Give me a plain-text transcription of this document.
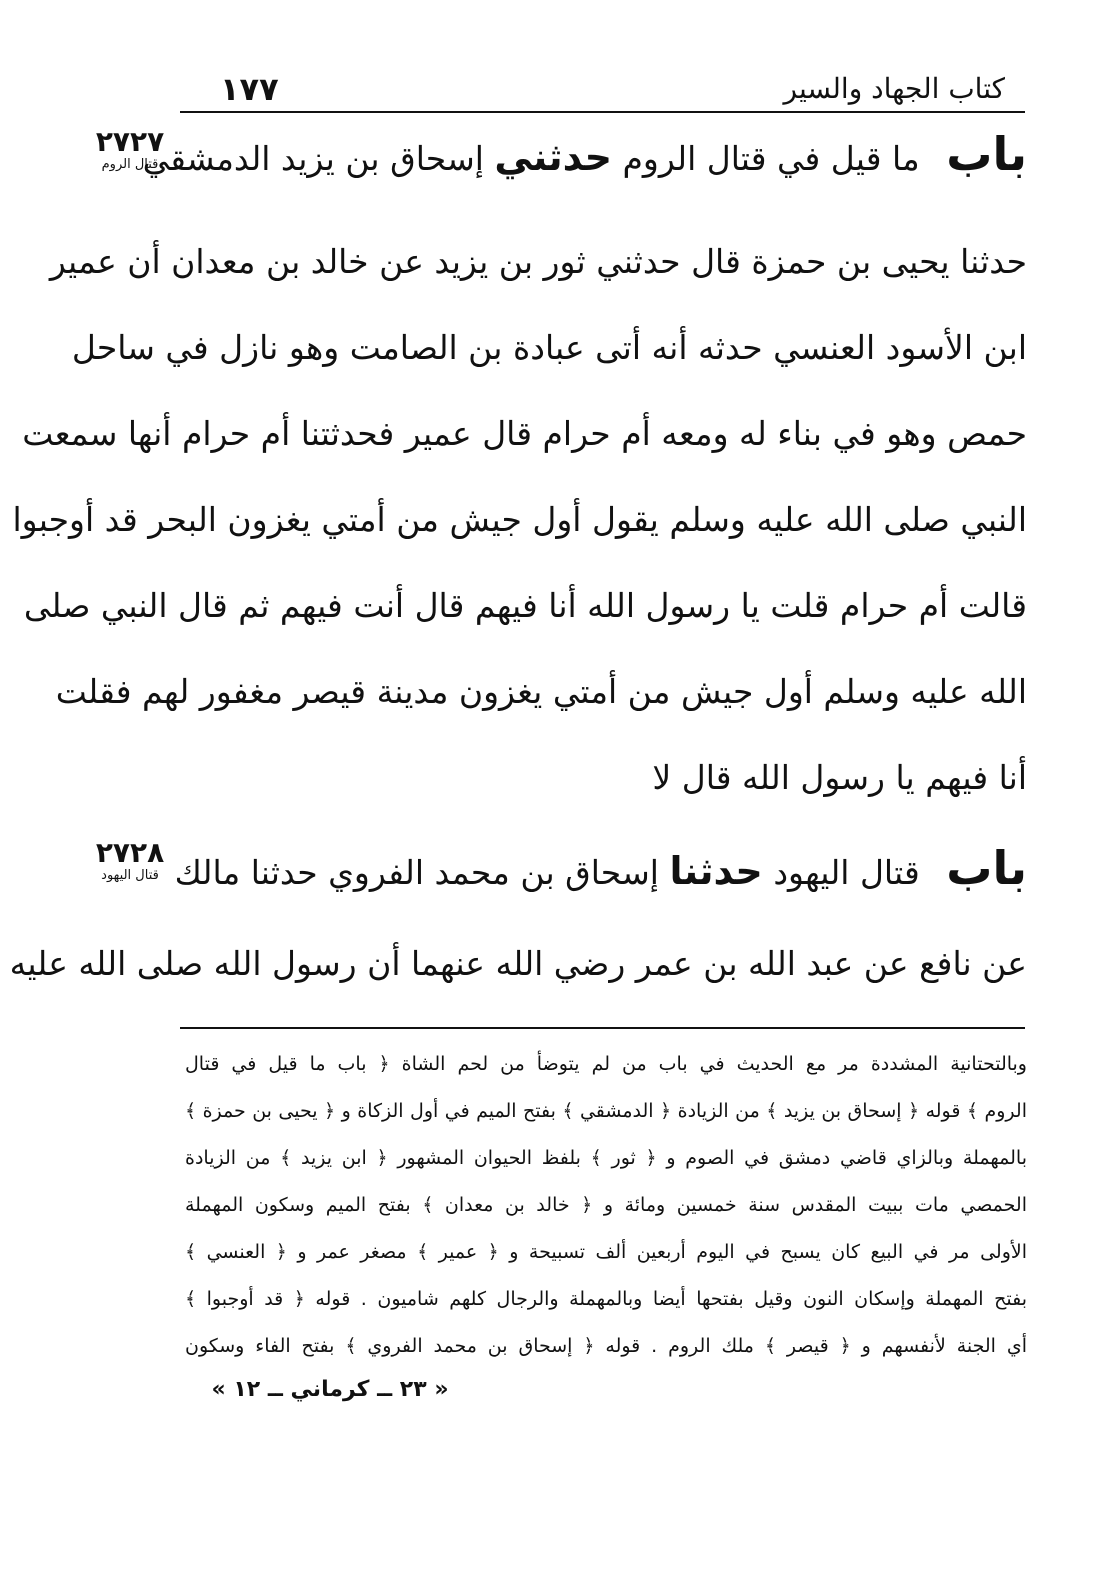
١٧٧	كتاب الجهاد والسير
٢٧٢٧
قتال الروم
٢٧٢٨
قتال اليهود
باب ما قيل في قتال الروم حدثني إسحاق بن يزيد الدمشقي
حدثنا يحيى بن حمزة قال حدثني ثور بن يزيد عن خالد بن معدان أن عمير
ابن الأسود العنسي حدثه أنه أتى عبادة بن الصامت وهو نازل في ساحل
حمص وهو في بناء له ومعه أم حرام قال عمير فحدثتنا أم حرام أنها سمعت
النبي صلى الله عليه وسلم يقول أول جيش من أمتي يغزون البحر قد أوجبوا
قالت أم حرام قلت يا رسول الله أنا فيهم قال أنت فيهم ثم قال النبي صلى
الله عليه وسلم أول جيش من أمتي يغزون مدينة قيصر مغفور لهم فقلت
أنا فيهم يا رسول الله قال لا
باب قتال اليهود حدثنا إسحاق بن محمد الفروي حدثنا مالك
عن نافع عن عبد الله بن عمر رضي الله عنهما أن رسول الله صلى الله عليه
وبالتحتانية المشددة مر مع الحديث في باب من لم يتوضأ من لحم الشاة ﴿ باب ما قيل في قتال
الروم ﴾ قوله ﴿ إسحاق بن يزيد ﴾ من الزيادة ﴿ الدمشقي ﴾ بفتح الميم في أول الزكاة و ﴿ يحيى بن حمزة ﴾
بالمهملة وبالزاي قاضي دمشق في الصوم و ﴿ ثور ﴾ بلفظ الحيوان المشهور ﴿ ابن يزيد ﴾ من الزيادة
الحمصي مات ببيت المقدس سنة خمسين ومائة و ﴿ خالد بن معدان ﴾ بفتح الميم وسكون المهملة
الأولى مر في البيع كان يسبح في اليوم أربعين ألف تسبيحة و ﴿ عمير ﴾ مصغر عمر و ﴿ العنسي ﴾
بفتح المهملة وإسكان النون وقيل بفتحها أيضا وبالمهملة والرجال كلهم شاميون . قوله ﴿ قد أوجبوا ﴾
أي الجنة لأنفسهم و ﴿ قيصر ﴾ ملك الروم . قوله ﴿ إسحاق بن محمد الفروي ﴾ بفتح الفاء وسكون
« ٢٣ ــ كرماني ــ ١٢ »
